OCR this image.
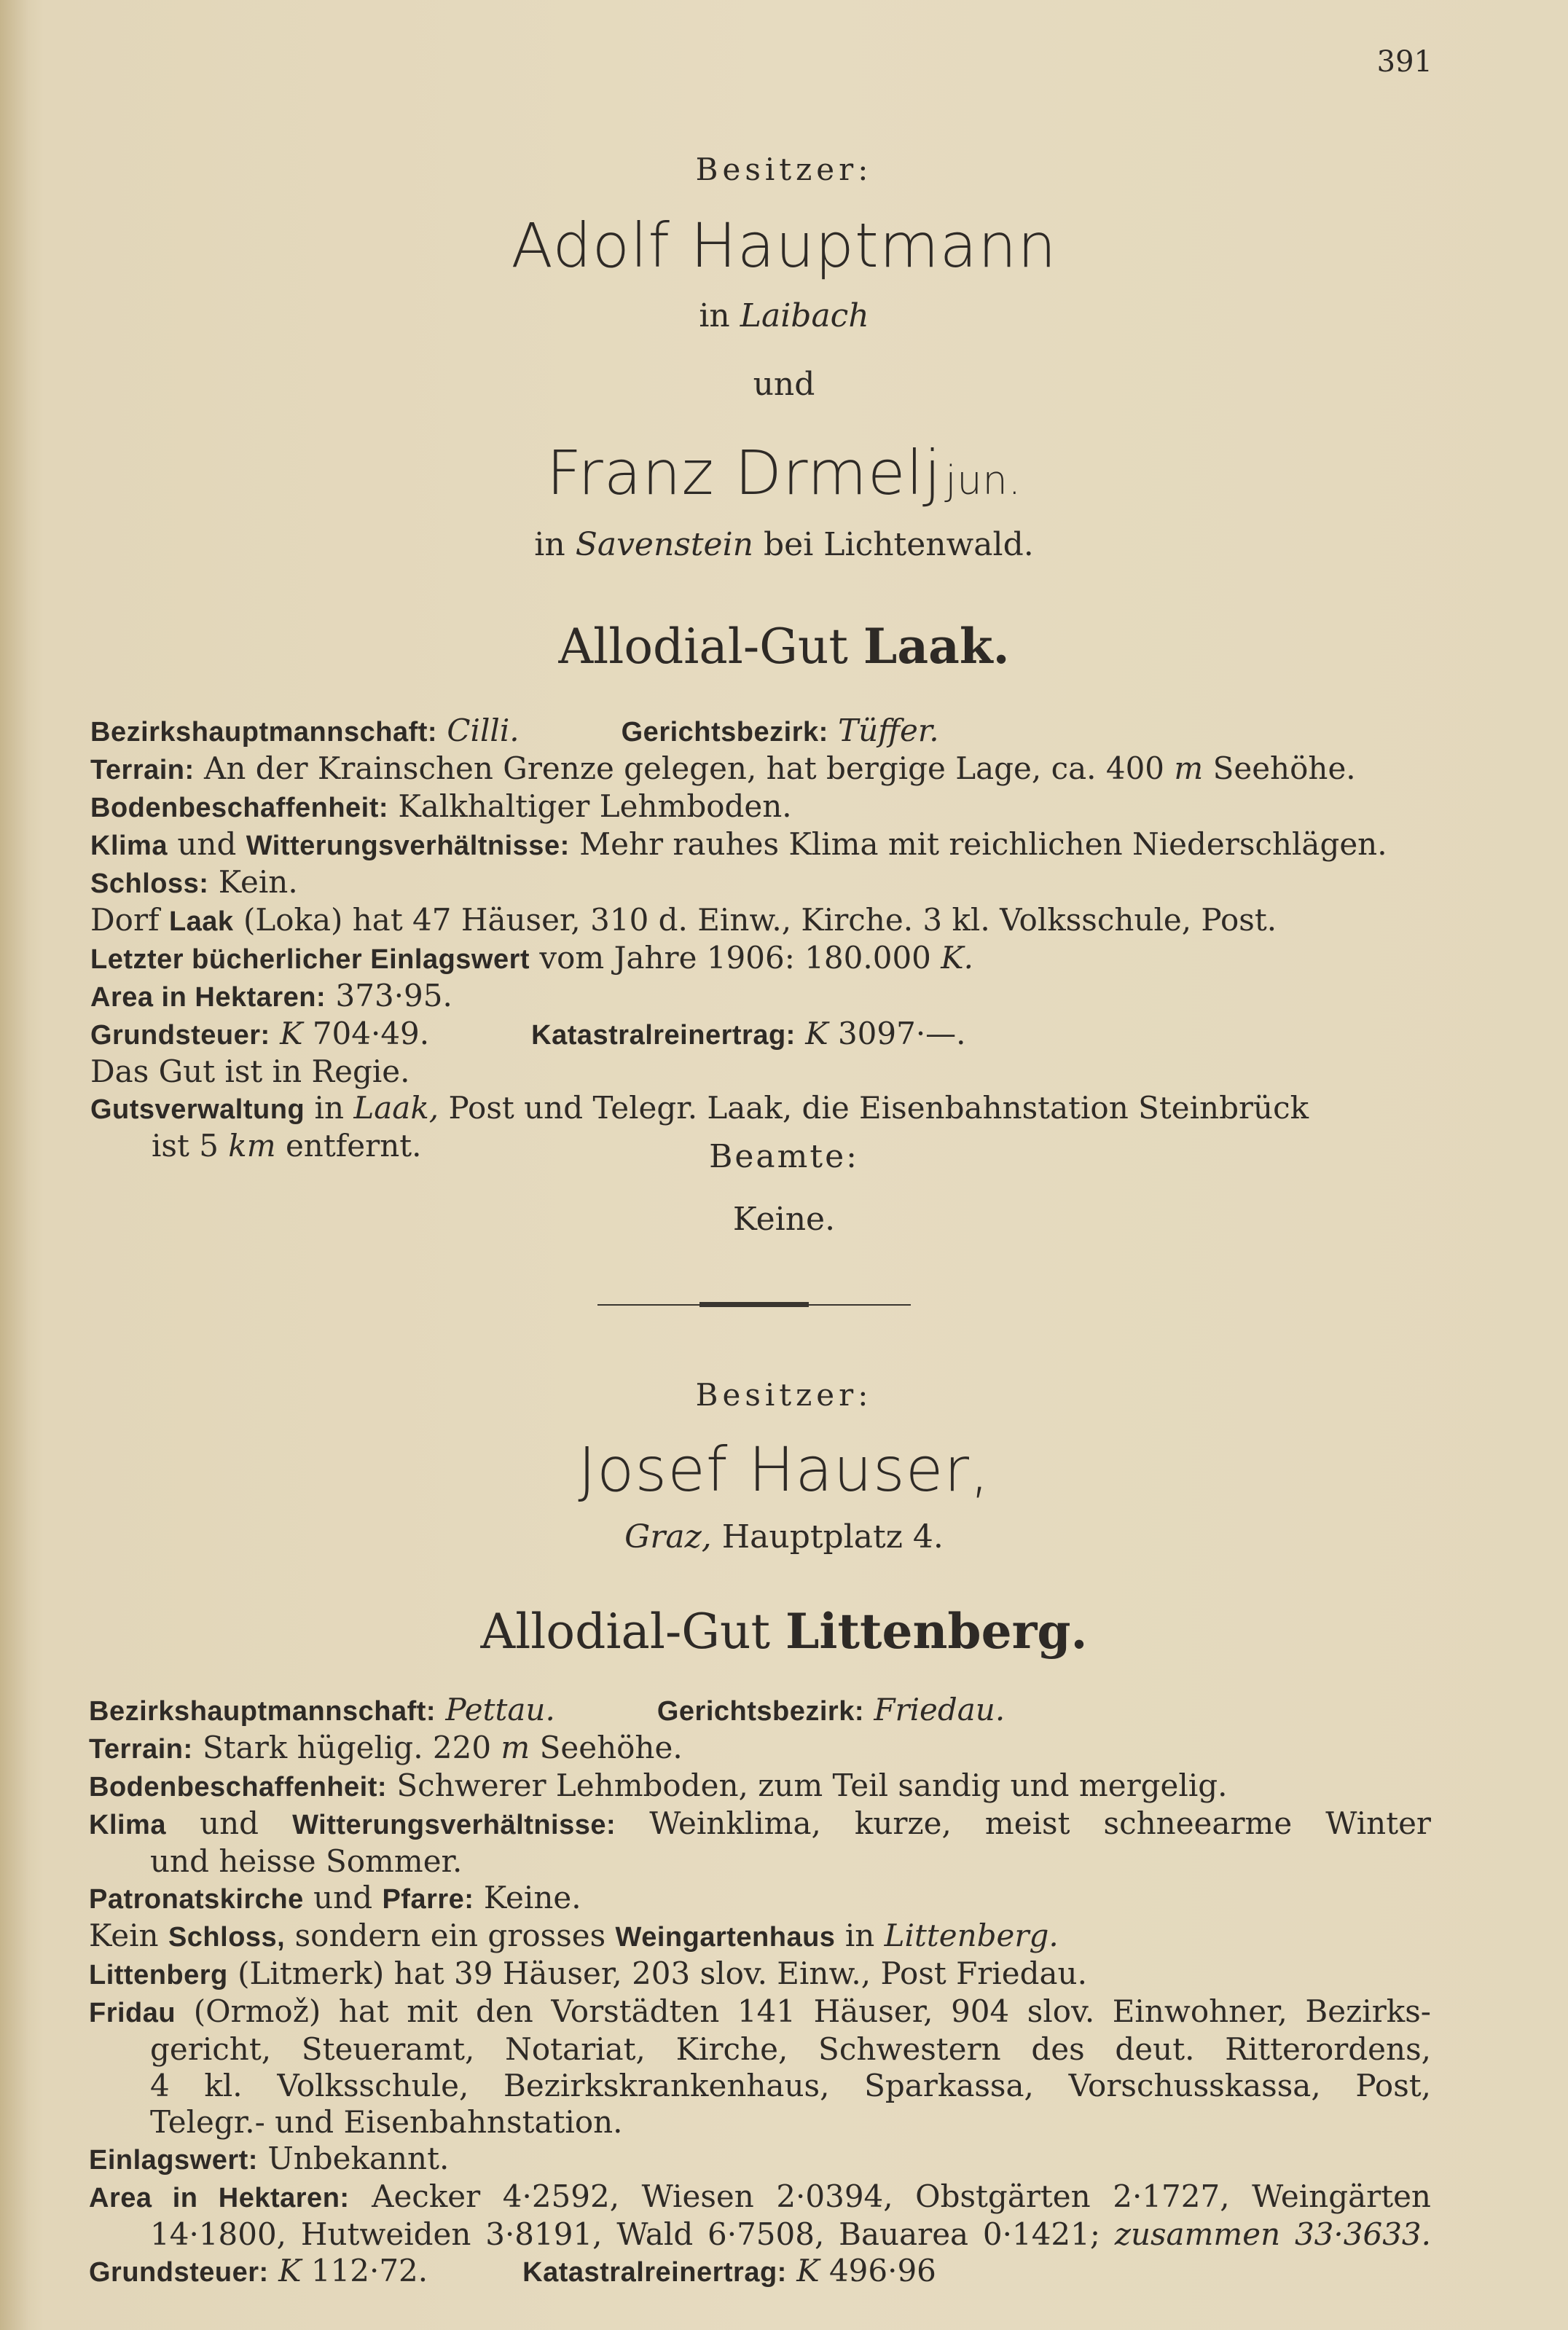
391
Besitzer:
Adolf Hauptmann
in Laibach
und
Franz Drmelj jun.
in Savenstein bei Lichtenwald.
Allodial-Gut Laak.
Bezirkshauptmannschaft: Cilli.	Gerichtsbezirk: Tüffer.
Terrain: An der Krainschen Grenze gelegen, hat bergige Lage, ca. 400 m Seehöhe.
Bodenbeschaffenheit: Kalkhaltiger Lehmboden.
Klima und Witterungsverhältnisse: Mehr rauhes Klima mit reichlichen Niederschlägen.
Schloss: Kein.
Dorf Laak (Loka) hat 47 Häuser, 310 d. Einw., Kirche. 3 kl. Volksschule, Post.
Letzter bücherlicher Einlagswert vom Jahre 1906: 180.000 K.
Area in Hektaren: 373·95.
Grundsteuer: K 704·49.	Katastralreinertrag: K 3097·—.
Das Gut ist in Regie.
Gutsverwaltung in Laak, Post und Telegr. Laak, die Eisenbahnstation Steinbrück
ist 5 km entfernt.	Beamte:
Keine.
Besitzer:
Josef Hauser,
Graz, Hauptplatz 4.
Allodial-Gut Littenberg.
Bezirkshauptmannschaft: Pettau.	Gerichtsbezirk: Friedau.
Terrain: Stark hügelig. 220 m Seehöhe.
Bodenbeschaffenheit: Schwerer Lehmboden, zum Teil sandig und mergelig.
Klima und Witterungsverhältnisse: Weinklima, kurze, meist schneearme Winter
und heisse Sommer.
Patronatskirche und Pfarre: Keine.
Kein Schloss, sondern ein grosses Weingartenhaus in Littenberg.
Littenberg (Litmerk) hat 39 Häuser, 203 slov. Einw., Post Friedau.
Fridau (Ormož) hat mit den Vorstädten 141 Häuser, 904 slov. Einwohner, Bezirks-
gericht, Steueramt, Notariat, Kirche, Schwestern des deut. Ritterordens,
4 kl. Volksschule, Bezirkskrankenhaus, Sparkassa, Vorschusskassa, Post,
Telegr.- und Eisenbahnstation.
Einlagswert: Unbekannt.
Area in Hektaren: Aecker 4·2592, Wiesen 2·0394, Obstgärten 2·1727, Weingärten
14·1800, Hutweiden 3·8191, Wald 6·7508, Bauarea 0·1421; zusammen 33·3633.
Grundsteuer: K 112·72.	Katastralreinertrag: K 496·96
